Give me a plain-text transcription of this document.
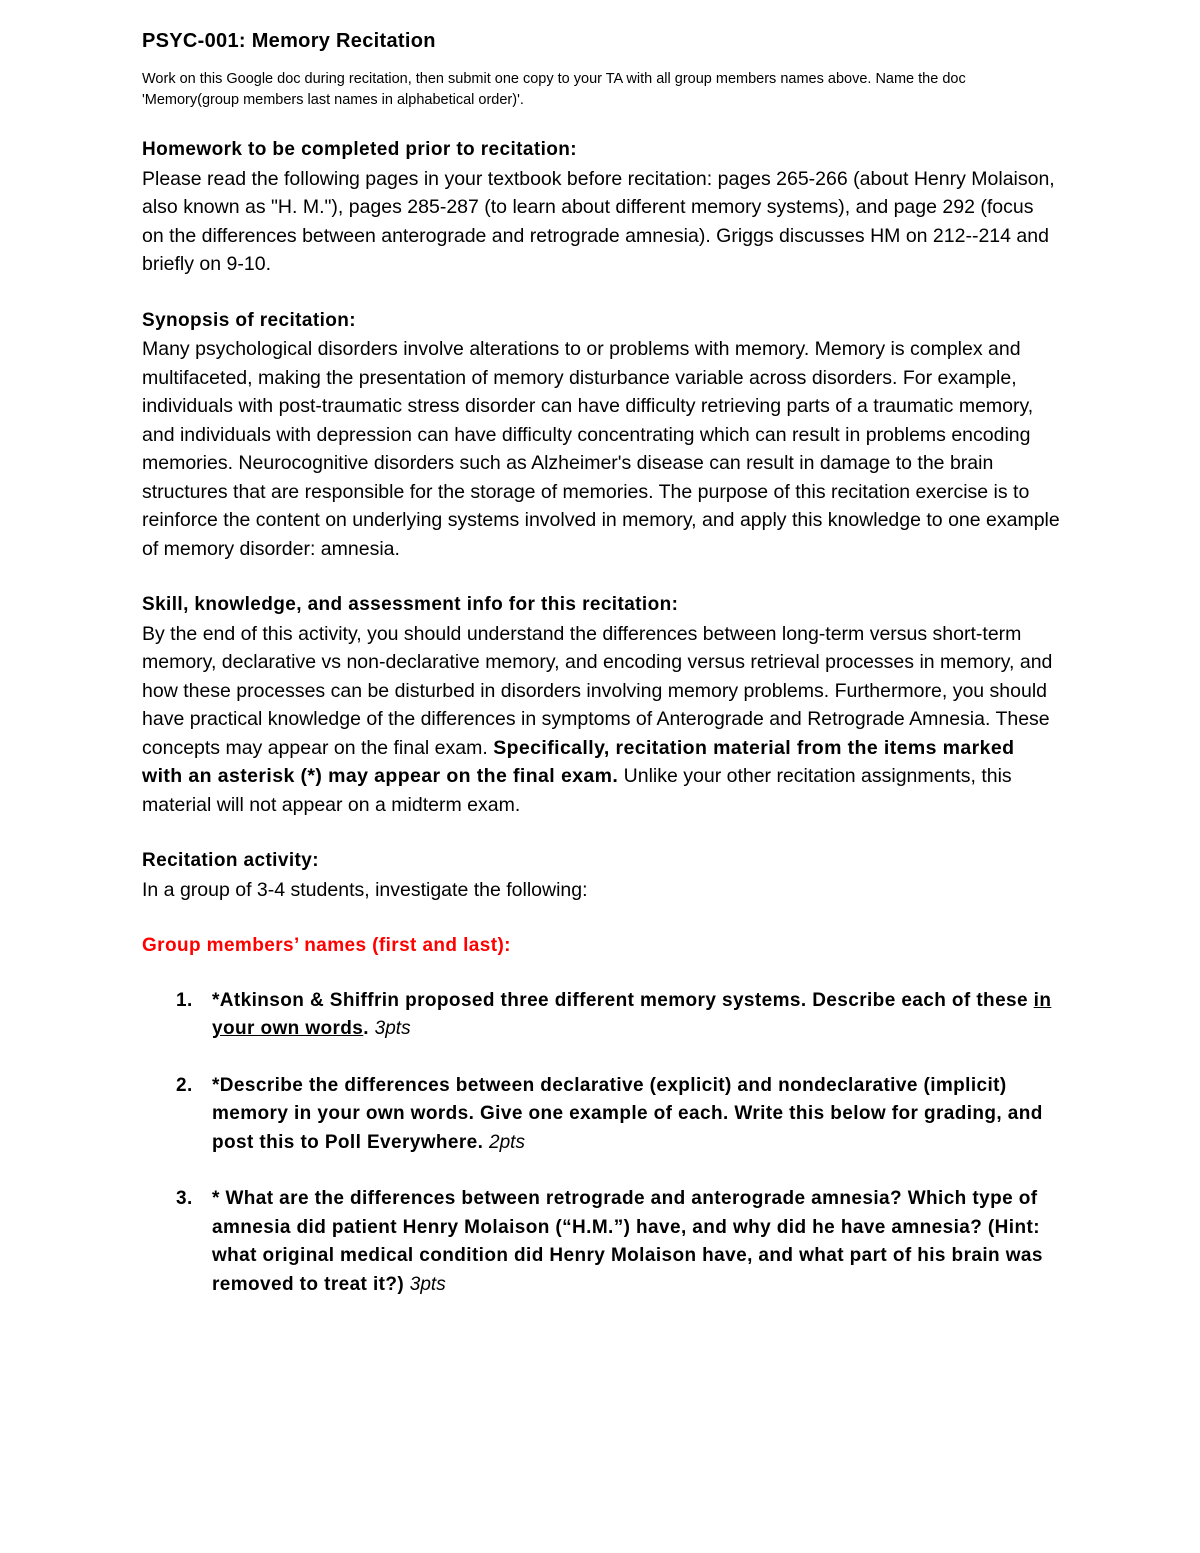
PSYC-001: Memory Recitation

Work on this Google doc during recitation, then submit one copy to your TA with all group members names above. Name the doc 'Memory(group members last names in alphabetical order)'.

Homework to be completed prior to recitation:

Please read the following pages in your textbook before recitation: pages 265-266 (about Henry Molaison, also known as "H. M."), pages 285-287 (to learn about different memory systems), and page 292 (focus on the differences between anterograde and retrograde amnesia). Griggs discusses HM on 212--214 and briefly on 9-10.

Synopsis of recitation:

Many psychological disorders involve alterations to or problems with memory. Memory is complex and multifaceted, making the presentation of memory disturbance variable across disorders. For example, individuals with post-traumatic stress disorder can have difficulty retrieving parts of a traumatic memory, and individuals with depression can have difficulty concentrating which can result in problems encoding memories. Neurocognitive disorders such as Alzheimer's disease can result in damage to the brain structures that are responsible for the storage of memories. The purpose of this recitation exercise is to reinforce the content on underlying systems involved in memory, and apply this knowledge to one example of memory disorder: amnesia.

Skill, knowledge, and assessment info for this recitation:

By the end of this activity, you should understand the differences between long-term versus short-term memory, declarative vs non-declarative memory, and encoding versus retrieval processes in memory, and how these processes can be disturbed in disorders involving memory problems. Furthermore, you should have practical knowledge of the differences in symptoms of Anterograde and Retrograde Amnesia. These concepts may appear on the final exam. Specifically, recitation material from the items marked with an asterisk (*) may appear on the final exam. Unlike your other recitation assignments, this material will not appear on a midterm exam.

Recitation activity:

In a group of 3-4 students, investigate the following:

Group members’ names (first and last):

1. *Atkinson & Shiffrin proposed three different memory systems. Describe each of these in your own words. 3pts
2. *Describe the differences between declarative (explicit) and nondeclarative (implicit) memory in your own words. Give one example of each. Write this below for grading, and post this to Poll Everywhere. 2pts
3. * What are the differences between retrograde and anterograde amnesia? Which type of amnesia did patient Henry Molaison (“H.M.”) have, and why did he have amnesia? (Hint: what original medical condition did Henry Molaison have, and what part of his brain was removed to treat it?) 3pts
